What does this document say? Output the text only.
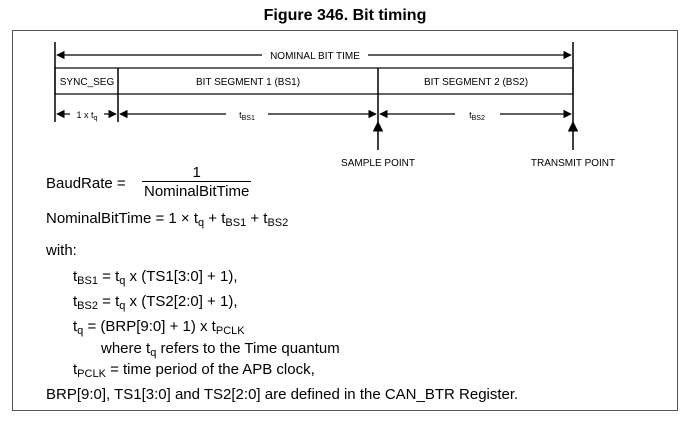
Figure 346. Bit timing
NOMINAL BIT TIME
SYNC_SEG	BIT SEGMENT 1 (BS1)	BIT SEGMENT 2 (BS2)
1 x $t_q$	$t_{BS1}$	$t_{BS2}$
SAMPLE POINT	TRANSMIT POINT
BaudRate =
1
NominalBitTime
NominalBitTime = $1 \times t_q + t_{BS1} + t_{BS2}$
with:
$t_{BS1} = t_q$ x (TS1[3:0] + 1),
$t_{BS2} = t_q$ x (TS2[2:0] + 1),
$t_q$ = (BRP[9:0] + 1) x $t_{PCLK}$
where $t_q$ refers to the Time quantum
$t_{PCLK}$ = time period of the APB clock,
BRP[9:0], TS1[3:0] and TS2[2:0] are defined in the CAN_BTR Register.
